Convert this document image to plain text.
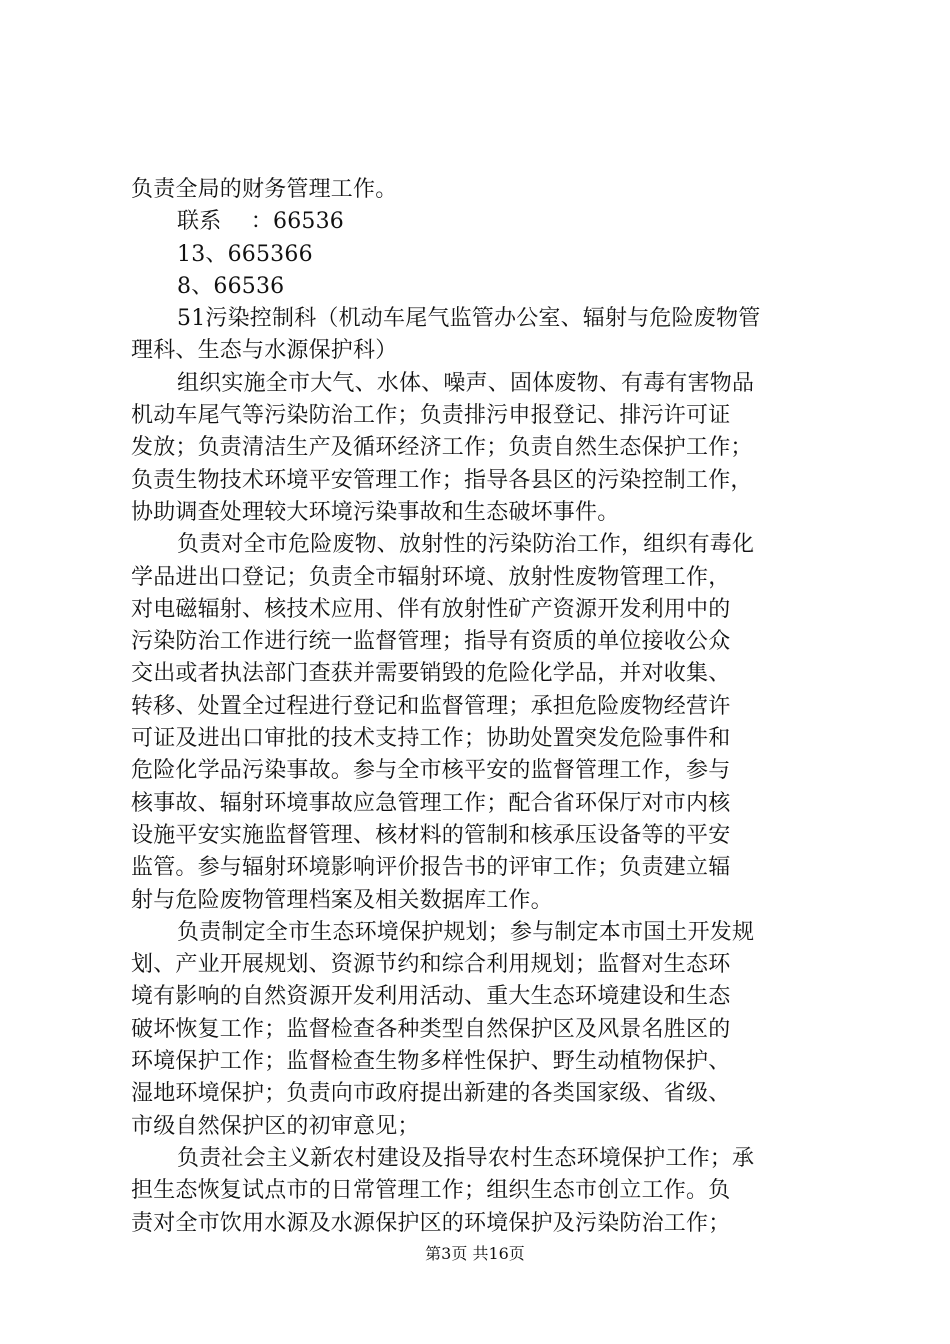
负责全局的财务管理工作。
联系　 ：66536
13、665366
8、66536
51污染控制科（机动车尾气监管办公室、辐射与危险废物管
理科、生态与水源保护科）
组织实施全市大气、水体、噪声、固体废物、有毒有害物品
机动车尾气等污染防治工作；负责排污申报登记、排污许可证
发放；负责清洁生产及循环经济工作；负责自然生态保护工作；
负责生物技术环境平安管理工作；指导各县区的污染控制工作，
协助调查处理较大环境污染事故和生态破坏事件。
负责对全市危险废物、放射性的污染防治工作，组织有毒化
学品进出口登记；负责全市辐射环境、放射性废物管理工作，
对电磁辐射、核技术应用、伴有放射性矿产资源开发利用中的
污染防治工作进行统一监督管理；指导有资质的单位接收公众
交出或者执法部门查获并需要销毁的危险化学品，并对收集、
转移、处置全过程进行登记和监督管理；承担危险废物经营许
可证及进出口审批的技术支持工作；协助处置突发危险事件和
危险化学品污染事故。参与全市核平安的监督管理工作，参与
核事故、辐射环境事故应急管理工作；配合省环保厅对市内核
设施平安实施监督管理、核材料的管制和核承压设备等的平安
监管。参与辐射环境影响评价报告书的评审工作；负责建立辐
射与危险废物管理档案及相关数据库工作。
负责制定全市生态环境保护规划；参与制定本市国土开发规
划、产业开展规划、资源节约和综合利用规划；监督对生态环
境有影响的自然资源开发利用活动、重大生态环境建设和生态
破坏恢复工作；监督检查各种类型自然保护区及风景名胜区的
环境保护工作；监督检查生物多样性保护、野生动植物保护、
湿地环境保护；负责向市政府提出新建的各类国家级、省级、
市级自然保护区的初审意见；
负责社会主义新农村建设及指导农村生态环境保护工作；承
担生态恢复试点市的日常管理工作；组织生态市创立工作。负
责对全市饮用水源及水源保护区的环境保护及污染防治工作；
第3页 共16页
